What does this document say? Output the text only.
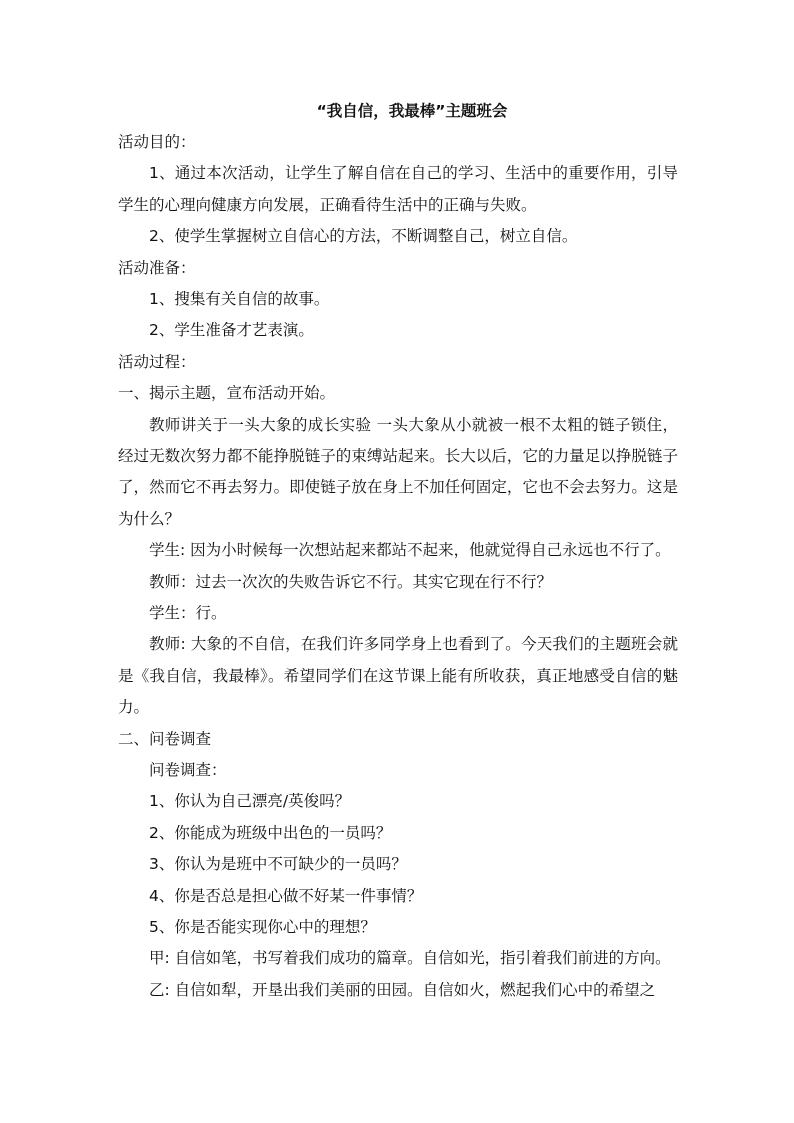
“我自信，我最棒”主题班会
活动目的：
1、通过本次活动，让学生了解自信在自己的学习、生活中的重要作用，引导学生的心理向健康方向发展，正确看待生活中的正确与失败。
2、使学生掌握树立自信心的方法，不断调整自己，树立自信。
活动准备：
1、搜集有关自信的故事。
2、学生准备才艺表演。
活动过程：
一、揭示主题，宣布活动开始。
教师讲关于一头大象的成长实验 一头大象从小就被一根不太粗的链子锁住，经过无数次努力都不能挣脱链子的束缚站起来。长大以后，它的力量足以挣脱链子了，然而它不再去努力。即使链子放在身上不加任何固定，它也不会去努力。这是为什么？
学生: 因为小时候每一次想站起来都站不起来，他就觉得自己永远也不行了。
教师：过去一次次的失败告诉它不行。其实它现在行不行？
学生：行。
教师: 大象的不自信，在我们许多同学身上也看到了。今天我们的主题班会就是《我自信，我最棒》。希望同学们在这节课上能有所收获，真正地感受自信的魅力。
二、问卷调查
问卷调查：
1、你认为自己漂亮/英俊吗？
2、你能成为班级中出色的一员吗？
3、你认为是班中不可缺少的一员吗？
4、你是否总是担心做不好某一件事情？
5、你是否能实现你心中的理想？
甲: 自信如笔，书写着我们成功的篇章。自信如光，指引着我们前进的方向。
乙: 自信如犁，开垦出我们美丽的田园。自信如火，燃起我们心中的希望之
